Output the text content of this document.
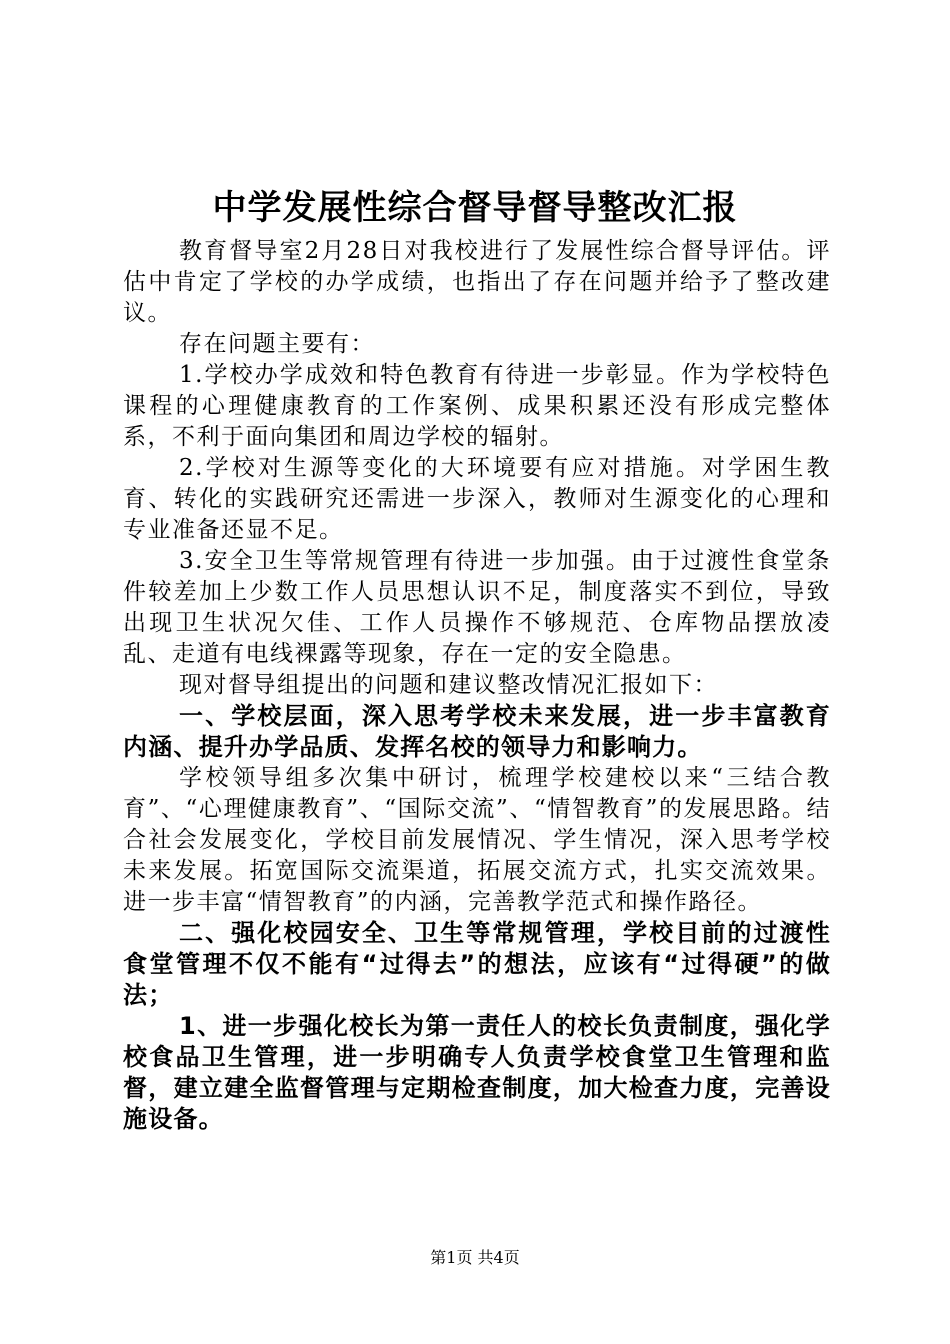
中学发展性综合督导督导整改汇报

教育督导室2月28日对我校进行了发展性综合督导评估。评估中肯定了学校的办学成绩，也指出了存在问题并给予了整改建议。

存在问题主要有：

1.学校办学成效和特色教育有待进一步彰显。作为学校特色课程的心理健康教育的工作案例、成果积累还没有形成完整体系，不利于面向集团和周边学校的辐射。

2.学校对生源等变化的大环境要有应对措施。对学困生教育、转化的实践研究还需进一步深入，教师对生源变化的心理和专业准备还显不足。

3.安全卫生等常规管理有待进一步加强。由于过渡性食堂条件较差加上少数工作人员思想认识不足，制度落实不到位，导致出现卫生状况欠佳、工作人员操作不够规范、仓库物品摆放凌乱、走道有电线裸露等现象，存在一定的安全隐患。

现对督导组提出的问题和建议整改情况汇报如下：

一、学校层面，深入思考学校未来发展，进一步丰富教育内涵、提升办学品质、发挥名校的领导力和影响力。

学校领导组多次集中研讨，梳理学校建校以来“三结合教育”、“心理健康教育”、“国际交流”、“情智教育”的发展思路。结合社会发展变化，学校目前发展情况、学生情况，深入思考学校未来发展。拓宽国际交流渠道，拓展交流方式，扎实交流效果。进一步丰富“情智教育”的内涵，完善教学范式和操作路径。

二、强化校园安全、卫生等常规管理，学校目前的过渡性食堂管理不仅不能有“过得去”的想法，应该有“过得硬”的做法；

1、进一步强化校长为第一责任人的校长负责制度，强化学校食品卫生管理，进一步明确专人负责学校食堂卫生管理和监督，建立建全监督管理与定期检查制度，加大检查力度，完善设施设备。

第1页 共4页
